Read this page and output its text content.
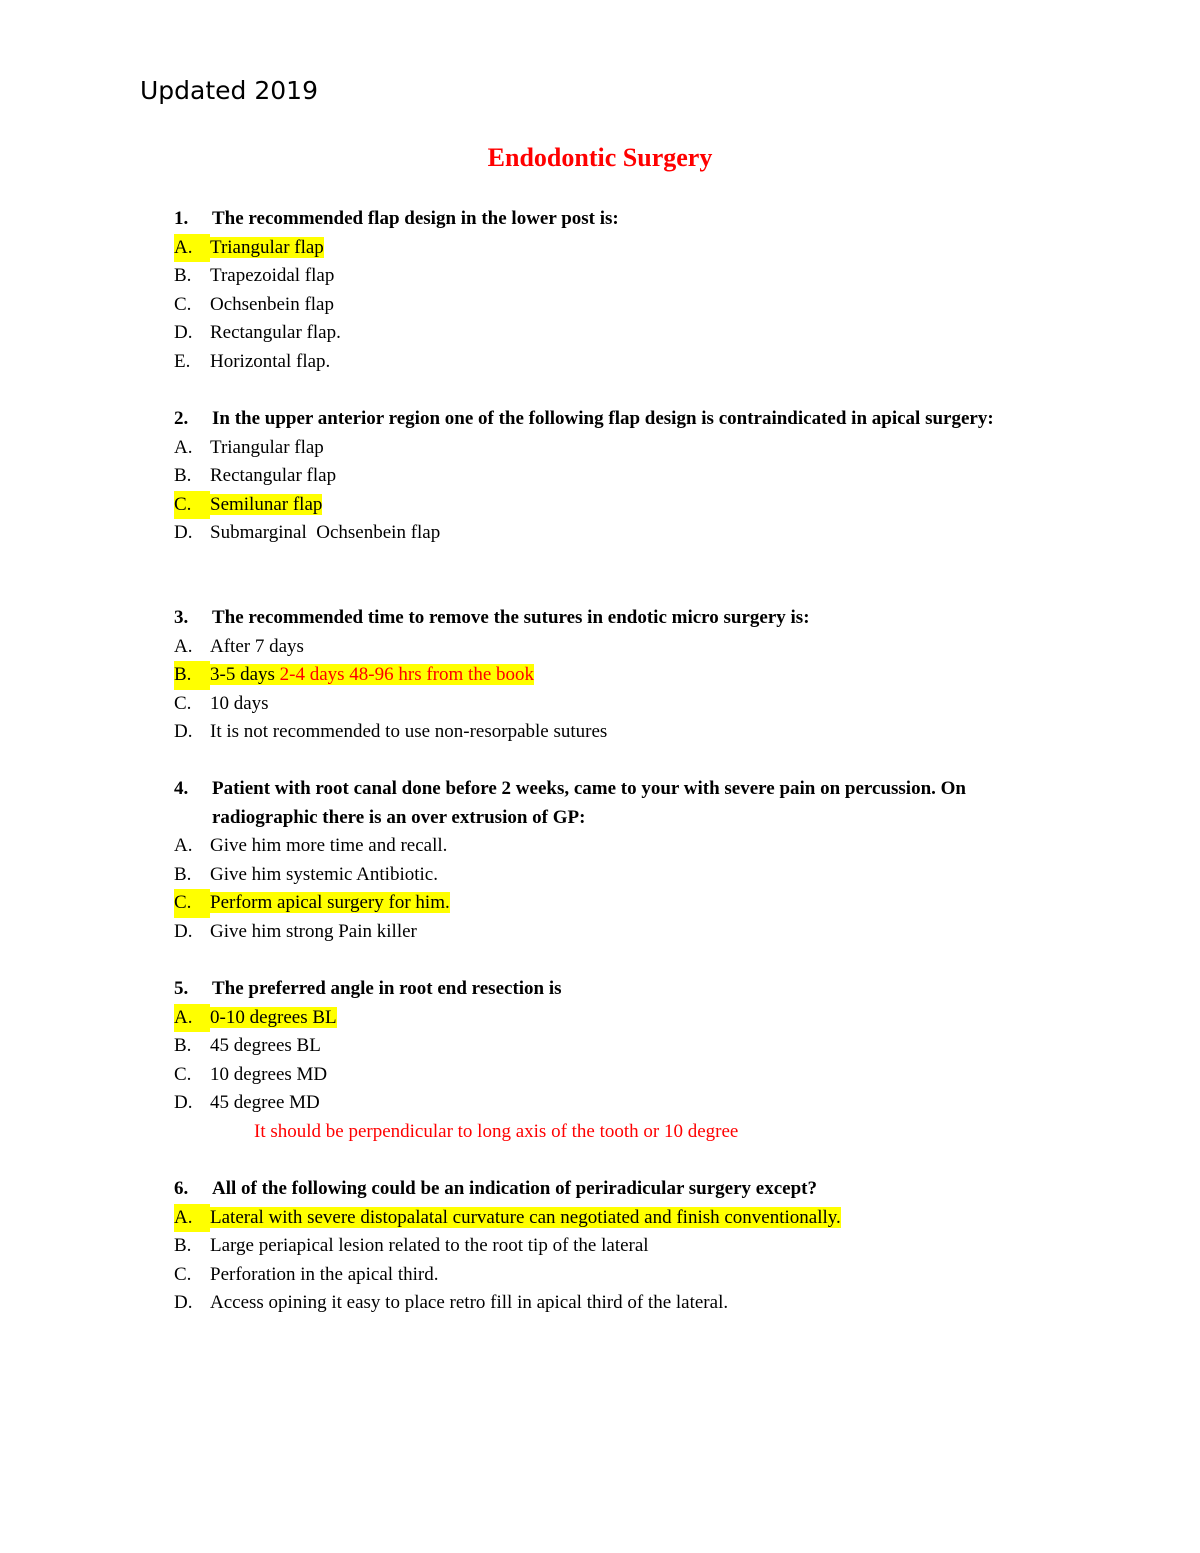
Updated 2019
Endodontic Surgery
1.	The recommended flap design in the lower post is:
A. Triangular flap
B. Trapezoidal flap
C. Ochsenbein flap
D. Rectangular flap.
E.	Horizontal flap.
2.	In the upper anterior region one of the following flap design is contraindicated in apical surgery:
A. Triangular flap
B. Rectangular flap
C. Semilunar flap
D. Submarginal  Ochsenbein flap
3.	The recommended time to remove the sutures in endotic micro surgery is:
A. After 7 days
B. 3-5 days 2-4 days 48-96 hrs from the book
C. 10 days
D. It is not recommended to use non-resorpable sutures
4.	Patient with root canal done before 2 weeks, came to your with severe pain on percussion. On radiographic there is an over extrusion of GP:
A. Give him more time and recall.
B. Give him systemic Antibiotic.
C. Perform apical surgery for him.
D. Give him strong Pain killer
5.	The preferred angle in root end resection is
A. 0-10 degrees BL
B. 45 degrees BL
C. 10 degrees MD
D. 45 degree MD
It should be perpendicular to long axis of the tooth or 10 degree
6.	All of the following could be an indication of periradicular surgery except?
A. Lateral with severe distopalatal curvature can negotiated and finish conventionally.
B. Large periapical lesion related to the root tip of the lateral
C. Perforation in the apical third.
D. Access opining it easy to place retro fill in apical third of the lateral.
